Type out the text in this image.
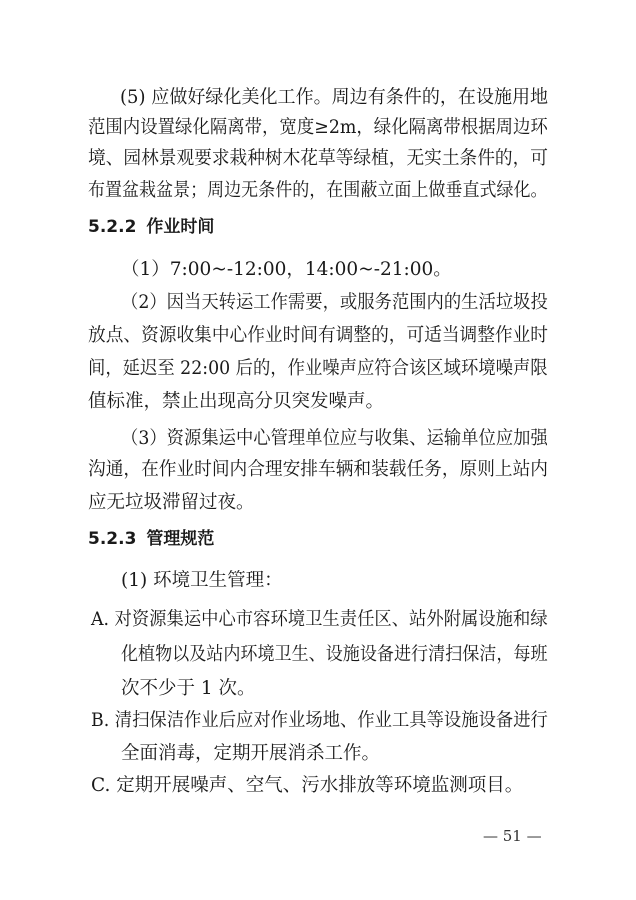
(5) 应做好绿化美化工作。周边有条件的，在设施用地
范围内设置绿化隔离带，宽度≥2m，绿化隔离带根据周边环
境、园林景观要求栽种树木花草等绿植，无实土条件的，可
布置盆栽盆景；周边无条件的，在围蔽立面上做垂直式绿化。
5.2.2 作业时间
（1）7:00~-12:00，14:00~-21:00。
（2）因当天转运工作需要，或服务范围内的生活垃圾投
放点、资源收集中心作业时间有调整的，可适当调整作业时
间，延迟至 22:00 后的，作业噪声应符合该区域环境噪声限
值标准，禁止出现高分贝突发噪声。
（3）资源集运中心管理单位应与收集、运输单位应加强
沟通，在作业时间内合理安排车辆和装载任务，原则上站内
应无垃圾滞留过夜。
5.2.3 管理规范
(1) 环境卫生管理：
A. 对资源集运中心市容环境卫生责任区、站外附属设施和绿
化植物以及站内环境卫生、设施设备进行清扫保洁，每班
次不少于 1 次。
B. 清扫保洁作业后应对作业场地、作业工具等设施设备进行
全面消毒，定期开展消杀工作。
C. 定期开展噪声、空气、污水排放等环境监测项目。
— 51 —
